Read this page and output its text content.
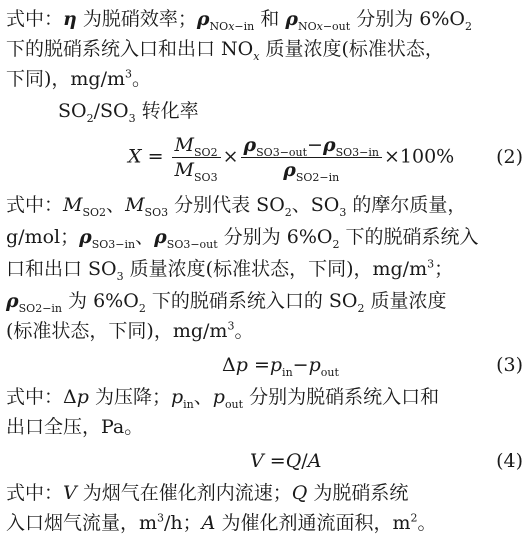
式中：η 为脱硝效率；$\rho_{NOx-in}$ 和 $\rho_{NOx-out}$ 分别为 $6\%O_2$
下的脱硝系统入口和出口 $NO_x$ 质量浓度(标准状态，
下同)，$mg/m^3$。
$SO_2/SO_3$ 转化率
$X = \frac{M_{SO2}}{M_{SO3}} \times \frac{\rho_{SO3-out}-\rho_{SO3-in}}{\rho_{SO2-in}} \times 100\%$ (2)
式中：$M_{SO2}$、$M_{SO3}$ 分别代表 $SO_2$、$SO_3$ 的摩尔质量，
g/mol；$\rho_{SO3-in}$、$\rho_{SO3-out}$ 分别为 $6\%O_2$ 下的脱硝系统入
口和出口 $SO_3$ 质量浓度(标准状态，下同)，$mg/m^3$；
$\rho_{SO2-in}$ 为 $6\%O_2$ 下的脱硝系统入口的 $SO_2$ 质量浓度
(标准状态，下同)，$mg/m^3$。
$\Delta p =p_{in}-p_{out}$	(3)
式中：Δp 为压降；$p_{in}$、$p_{out}$ 分别为脱硝系统入口和
出口全压，Pa。
V =Q/A	(4)
式中：V 为烟气在催化剂内流速；Q 为脱硝系统
入口烟气流量，$m^3/h$；A 为催化剂通流面积，$m^2$。
